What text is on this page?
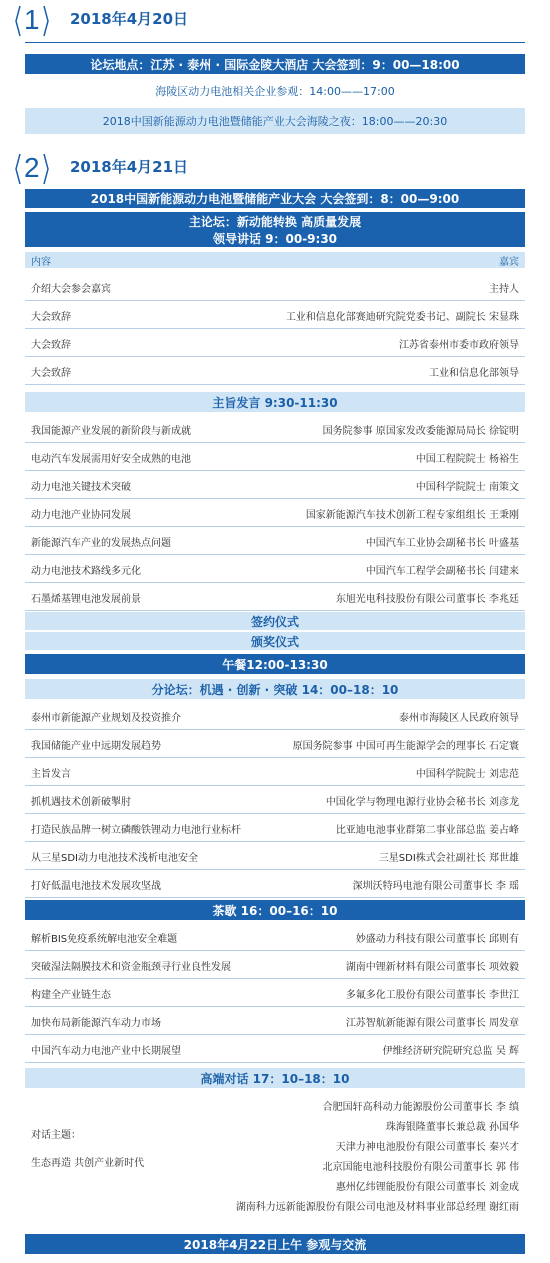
1 2018年4月20日
论坛地点：江苏 · 泰州 · 国际金陵大酒店 大会签到：9：00—18:00
海陵区动力电池相关企业参观：14:00——17:00
2018中国新能源动力电池暨储能产业大会海陵之夜：18:00——20:30
2 2018年4月21日
2018中国新能源动力电池暨储能产业大会 大会签到：8：00—9:00
主论坛：新动能转换 高质量发展
领导讲话 9：00-9:30
内容	嘉宾
介绍大会参会嘉宾	主持人
大会致辞	工业和信息化部赛迪研究院党委书记、副院长 宋显珠
大会致辞	江苏省泰州市委市政府领导
大会致辞	工业和信息化部领导
主旨发言 9:30-11:30
我国能源产业发展的新阶段与新成就	国务院参事 原国家发改委能源局局长 徐锭明
电动汽车发展需用好安全成熟的电池	中国工程院院士 杨裕生
动力电池关键技术突破	中国科学院院士 南策文
动力电池产业协同发展	国家新能源汽车技术创新工程专家组组长 王秉刚
新能源汽车产业的发展热点问题	中国汽车工业协会副秘书长 叶盛基
动力电池技术路线多元化	中国汽车工程学会副秘书长 闫建来
石墨烯基锂电池发展前景	东旭光电科技股份有限公司董事长 李兆廷
签约仪式
颁奖仪式
午餐12:00-13:30
分论坛：机遇 · 创新 · 突破 14：00–18：10
泰州市新能源产业规划及投资推介	泰州市海陵区人民政府领导
我国储能产业中远期发展趋势	原国务院参事 中国可再生能源学会的理事长 石定寰
主旨发言	中国科学院院士 刘忠范
抓机遇技术创新破掣肘	中国化学与物理电源行业协会秘书长 刘彦龙
打造民族品牌一树立磷酸铁锂动力电池行业标杆	比亚迪电池事业群第二事业部总监 姜占峰
从三星SDI动力电池技术浅析电池安全	三星SDI株式会社副社长 郑世雄
打好低温电池技术发展攻坚战	深圳沃特玛电池有限公司董事长 李 瑶
茶歇 16：00–16：10
解析BIS免疫系统解电池安全难题	妙盛动力科技有限公司董事长 邱则有
突破湿法隔膜技术和资金瓶颈寻行业良性发展	湖南中锂新材料有限公司董事长 项效毅
构建全产业链生态	多氟多化工股份有限公司董事长 李世江
加快布局新能源汽车动力市场	江苏智航新能源有限公司董事长 周发章
中国汽车动力电池产业中长期展望	伊维经济研究院研究总监 吴 辉
高端对话 17：10–18：10
对话主题：
生态再造 共创产业新时代
合肥国轩高科动力能源股份公司董事长 李 缜
珠海银隆董事长兼总裁 孙国华
天津力神电池股份有限公司董事长 秦兴才
北京国能电池科技股份有限公司董事长 郭 伟
惠州亿纬锂能股份有限公司董事长 刘金成
湖南科力远新能源股份有限公司电池及材料事业部总经理 谢红雨
2018年4月22日上午 参观与交流
